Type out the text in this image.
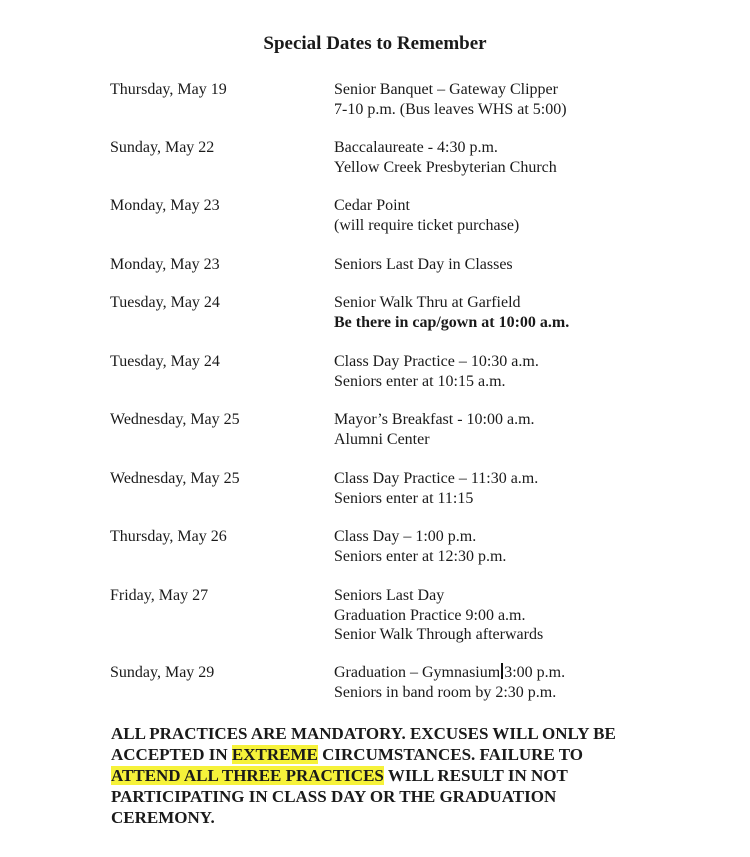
Special Dates to Remember
Thursday, May 19	Senior Banquet – Gateway Clipper
7-10 p.m. (Bus leaves WHS at 5:00)
Sunday, May 22	Baccalaureate - 4:30 p.m.
Yellow Creek Presbyterian Church
Monday, May 23	Cedar Point
(will require ticket purchase)
Monday, May 23	Seniors Last Day in Classes
Tuesday, May 24	Senior Walk Thru at Garfield
Be there in cap/gown at 10:00 a.m.
Tuesday, May 24	Class Day Practice – 10:30 a.m.
Seniors enter at 10:15 a.m.
Wednesday, May 25	Mayor’s Breakfast - 10:00 a.m.
Alumni Center
Wednesday, May 25	Class Day Practice – 11:30 a.m.
Seniors enter at 11:15
Thursday, May 26	Class Day – 1:00 p.m.
Seniors enter at 12:30 p.m.
Friday, May 27	Seniors Last Day
Graduation Practice 9:00 a.m.
Senior Walk Through afterwards
Sunday, May 29	Graduation – Gymnasium 3:00 p.m.
Seniors in band room by 2:30 p.m.
ALL PRACTICES ARE MANDATORY. EXCUSES WILL ONLY BE
ACCEPTED IN EXTREME CIRCUMSTANCES. FAILURE TO
ATTEND ALL THREE PRACTICES WILL RESULT IN NOT
PARTICIPATING IN CLASS DAY OR THE GRADUATION
CEREMONY.
